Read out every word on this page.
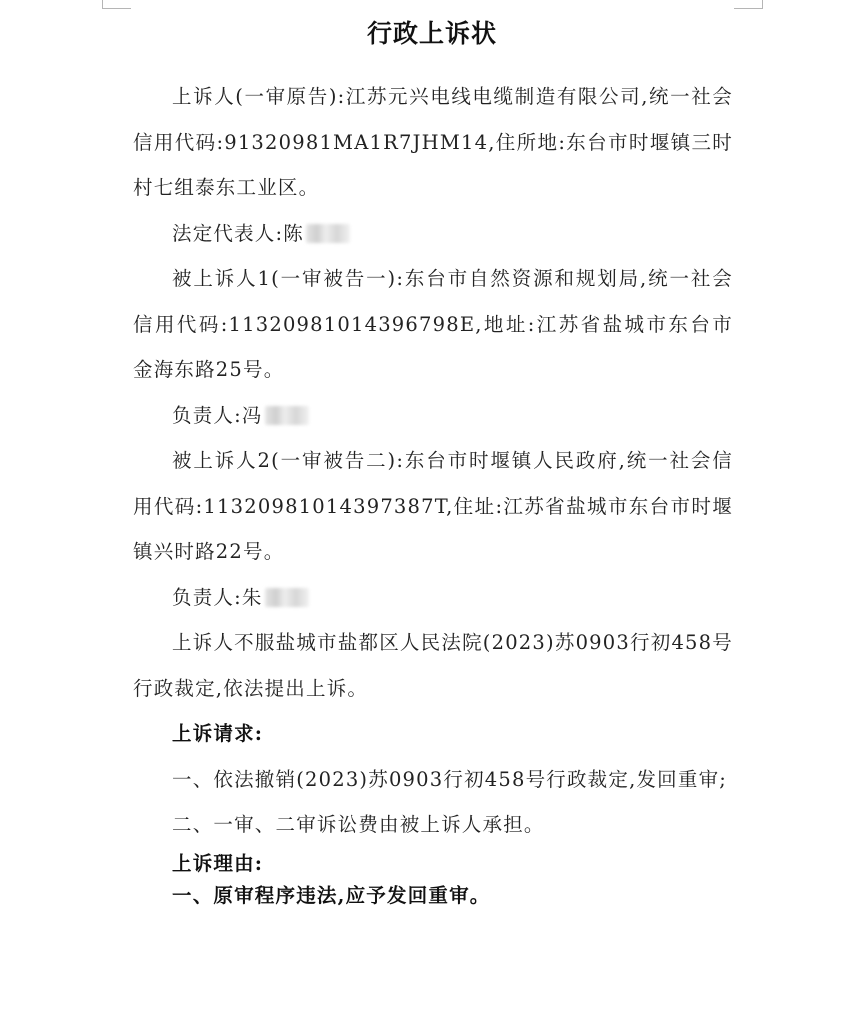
行政上诉状

上诉人(一审原告):江苏元兴电线电缆制造有限公司,统一社会信用代码:91320981MA1R7JHM14,住所地:东台市时堰镇三时村七组泰东工业区。

法定代表人:陈

被上诉人1(一审被告一):东台市自然资源和规划局,统一社会信用代码:11320981014396798E,地址:江苏省盐城市东台市金海东路25号。

负责人:冯

被上诉人2(一审被告二):东台市时堰镇人民政府,统一社会信用代码:11320981014397387T,住址:江苏省盐城市东台市时堰镇兴时路22号。

负责人:朱

上诉人不服盐城市盐都区人民法院(2023)苏0903行初458号行政裁定,依法提出上诉。

上诉请求:

一、依法撤销(2023)苏0903行初458号行政裁定,发回重审;

二、一审、二审诉讼费由被上诉人承担。

上诉理由:

一、原审程序违法,应予发回重审。
